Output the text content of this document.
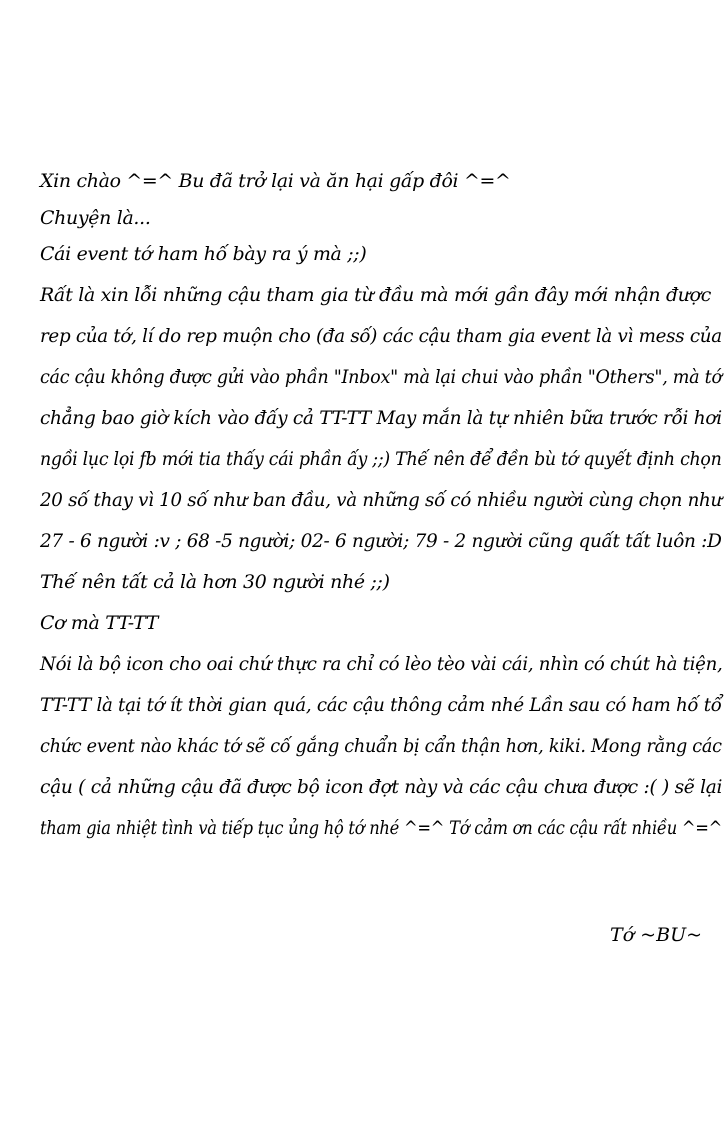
Xin chào ^=^ Bu đã trở lại và ăn hại gấp đôi ^=^
Chuyện là...
Cái event tớ ham hố bày ra ý mà ;;)
Rất là xin lỗi những cậu tham gia từ đầu mà mới gần đây mới nhận được
rep của tớ, lí do rep muộn cho (đa số) các cậu tham gia event là vì mess của
các cậu không được gửi vào phần "Inbox" mà lại chui vào phần "Others", mà tớ
chẳng bao giờ kích vào đấy cả TT-TT May mắn là tự nhiên bữa trước rỗi hơi
ngồi lục lọi fb mới tia thấy cái phần ấy ;;) Thế nên để đền bù tớ quyết định chọn
20 số thay vì 10 số như ban đầu, và những số có nhiều người cùng chọn như
27 - 6 người :v ; 68 -5 người; 02- 6 người; 79 - 2 người cũng quất tất luôn :D
Thế nên tất cả là hơn 30 người nhé ;;)
Cơ mà TT-TT
Nói là bộ icon cho oai chứ thực ra chỉ có lèo tèo vài cái, nhìn có chút hà tiện,
TT-TT là tại tớ ít thời gian quá, các cậu thông cảm nhé Lần sau có ham hố tổ
chức event nào khác tớ sẽ cố gắng chuẩn bị cẩn thận hơn, kiki. Mong rằng các
cậu ( cả những cậu đã được bộ icon đợt này và các cậu chưa được :( ) sẽ lại
tham gia nhiệt tình và tiếp tục ủng hộ tớ nhé ^=^ Tớ cảm ơn các cậu rất nhiều ^=^
Tớ ~BU~
